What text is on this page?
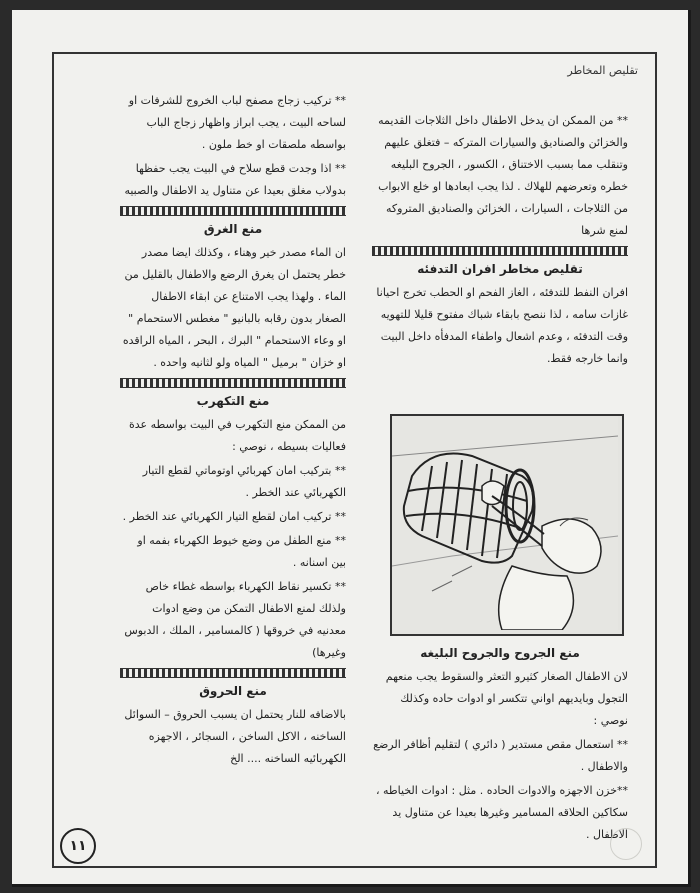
تقليص المخاطر

** من الممكن ان يدخل الاطفال داخل الثلاجات القديمه والخزائن والصناديق والسيارات المتركه – فتغلق عليهم وتنقلب مما بسبب الاختناق ، الكسور ، الجروح البليغه خطره وتعرضهم للهلاك . لذا يجب ابعادها او خلع الابواب من الثلاجات ، السيارات ، الخزائن والصناديق المتروكه لمنع شرها

تقليص مخاطر افران التدفئه

افران النفط للتدفئه ، الغاز الفحم او الحطب تخرج احيانا غازات سامه ، لذا ننصح بابقاء شباك مفتوح قليلا للتهويه وقت التدفئه ، وعدم اشعال واطفاء المدفأه داخل البيت وانما خارجه فقط.

منع الجروح والجروح البليغه

لان الاطفال الصغار كثيرو التعثر والسقوط يجب منعهم التجول وبايديهم اواني تتكسر او ادوات حاده وكذلك نوصي :

** استعمال مقص مستدير ( دائري ) لتقليم أظافر الرضع والاطفال .

**خزن الاجهزه والادوات الحاده . مثل : ادوات الخياطه ، سكاكين الحلاقه المسامير وغيرها بعيدا عن متناول يد الاطفال .

** تركيب زجاج مصفح لباب الخروج للشرفات او لساحه البيت ، يجب ابراز واظهار زجاج الباب بواسطه ملصقات او خط ملون .

** اذا وجدت قطع سلاح في البيت يجب حفظها بدولاب مغلق بعيدا عن متناول يد الاطفال والصبيه

منع الغرق

ان الماء مصدر خير وهناء ، وكذلك ايضا مصدر خطر يحتمل ان يغرق الرضع والاطفال بالقليل من الماء . ولهذا يجب الامتناع عن ابقاء الاطفال الصغار بدون رقابه بالبانيو " مغطس الاستحمام " او وعاء الاستحمام " البرك ، البحر ، المياه الراقده او خزان " برميل " المياه ولو لثانيه واحده .

منع التكهرب

من الممكن منع التكهرب في البيت بواسطه عدة فعاليات بسيطه ، نوصي :

** بتركيب امان كهربائي اوتوماتي لقطع التيار الكهربائي عند الخطر .

** تركيب امان لقطع التيار الكهربائي عند الخطر .

** منع الطفل من وضع خيوط الكهرباء بفمه او بين اسنانه .

** تكسير نقاط الكهرباء بواسطه غطاء خاص ولذلك لمنع الاطفال التمكن من وضع ادوات معدنيه في خروقها ( كالمسامير ، الملك ، الدبوس وغيرها)

منع الحروق

بالاضافه للنار يحتمل ان يسبب الحروق – السوائل الساخنه ، الاكل الساخن ، السجائر ، الاجهزه الكهربائيه الساخنه .... الخ

١١
